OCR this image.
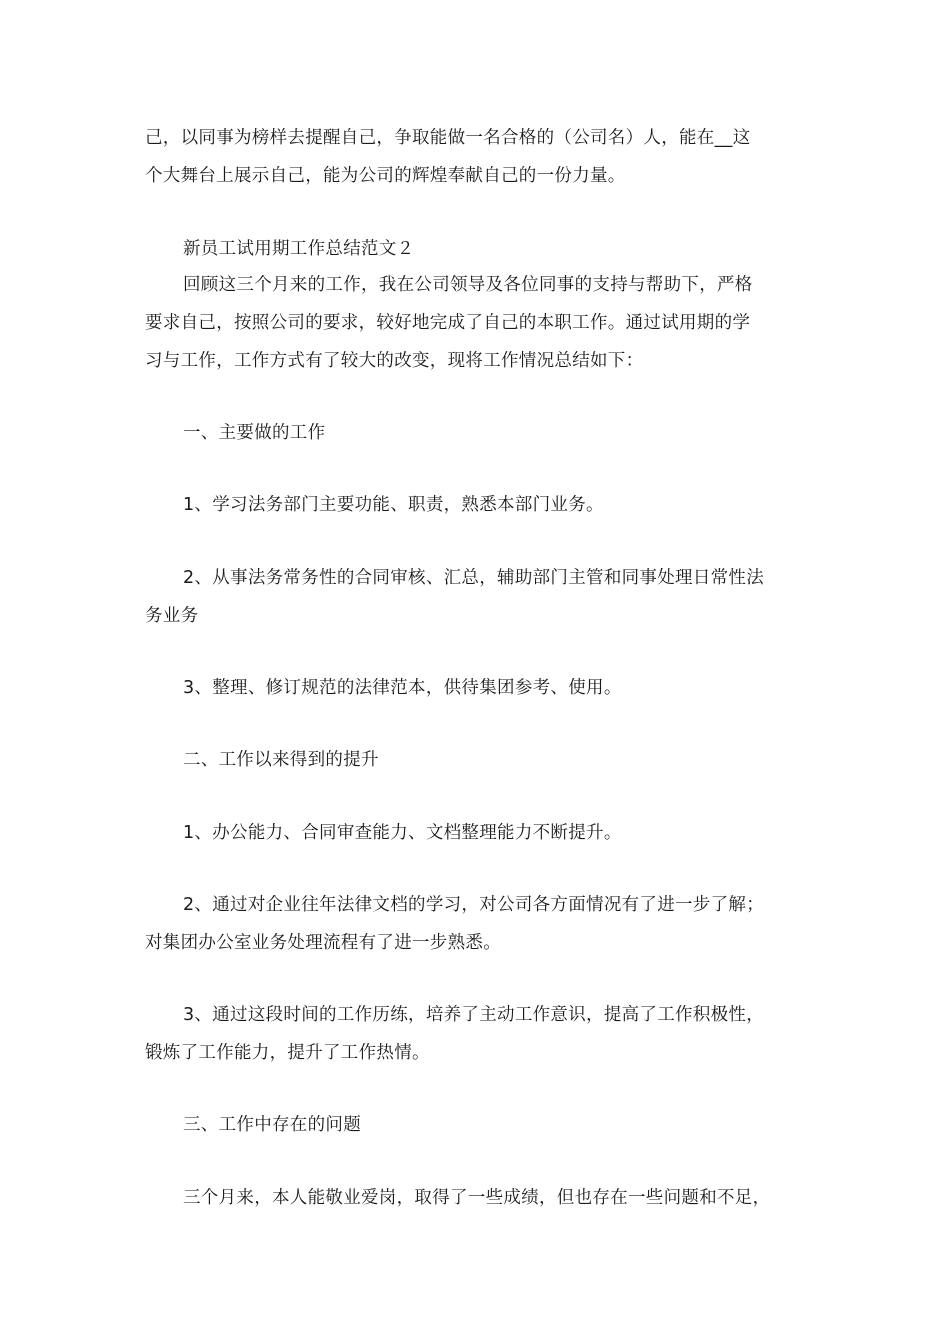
己，以同事为榜样去提醒自己，争取能做一名合格的（公司名）人，能在__这
个大舞台上展示自己，能为公司的辉煌奉献自己的一份力量。
新员工试用期工作总结范文２
回顾这三个月来的工作，我在公司领导及各位同事的支持与帮助下，严格
要求自己，按照公司的要求，较好地完成了自己的本职工作。通过试用期的学
习与工作，工作方式有了较大的改变，现将工作情况总结如下：
一、主要做的工作
1、学习法务部门主要功能、职责，熟悉本部门业务。
2、从事法务常务性的合同审核、汇总，辅助部门主管和同事处理日常性法
务业务
3、整理、修订规范的法律范本，供待集团参考、使用。
二、工作以来得到的提升
1、办公能力、合同审查能力、文档整理能力不断提升。
2、通过对企业往年法律文档的学习，对公司各方面情况有了进一步了解；
对集团办公室业务处理流程有了进一步熟悉。
3、通过这段时间的工作历练，培养了主动工作意识，提高了工作积极性，
锻炼了工作能力，提升了工作热情。
三、工作中存在的问题
三个月来，本人能敬业爱岗，取得了一些成绩，但也存在一些问题和不足，
